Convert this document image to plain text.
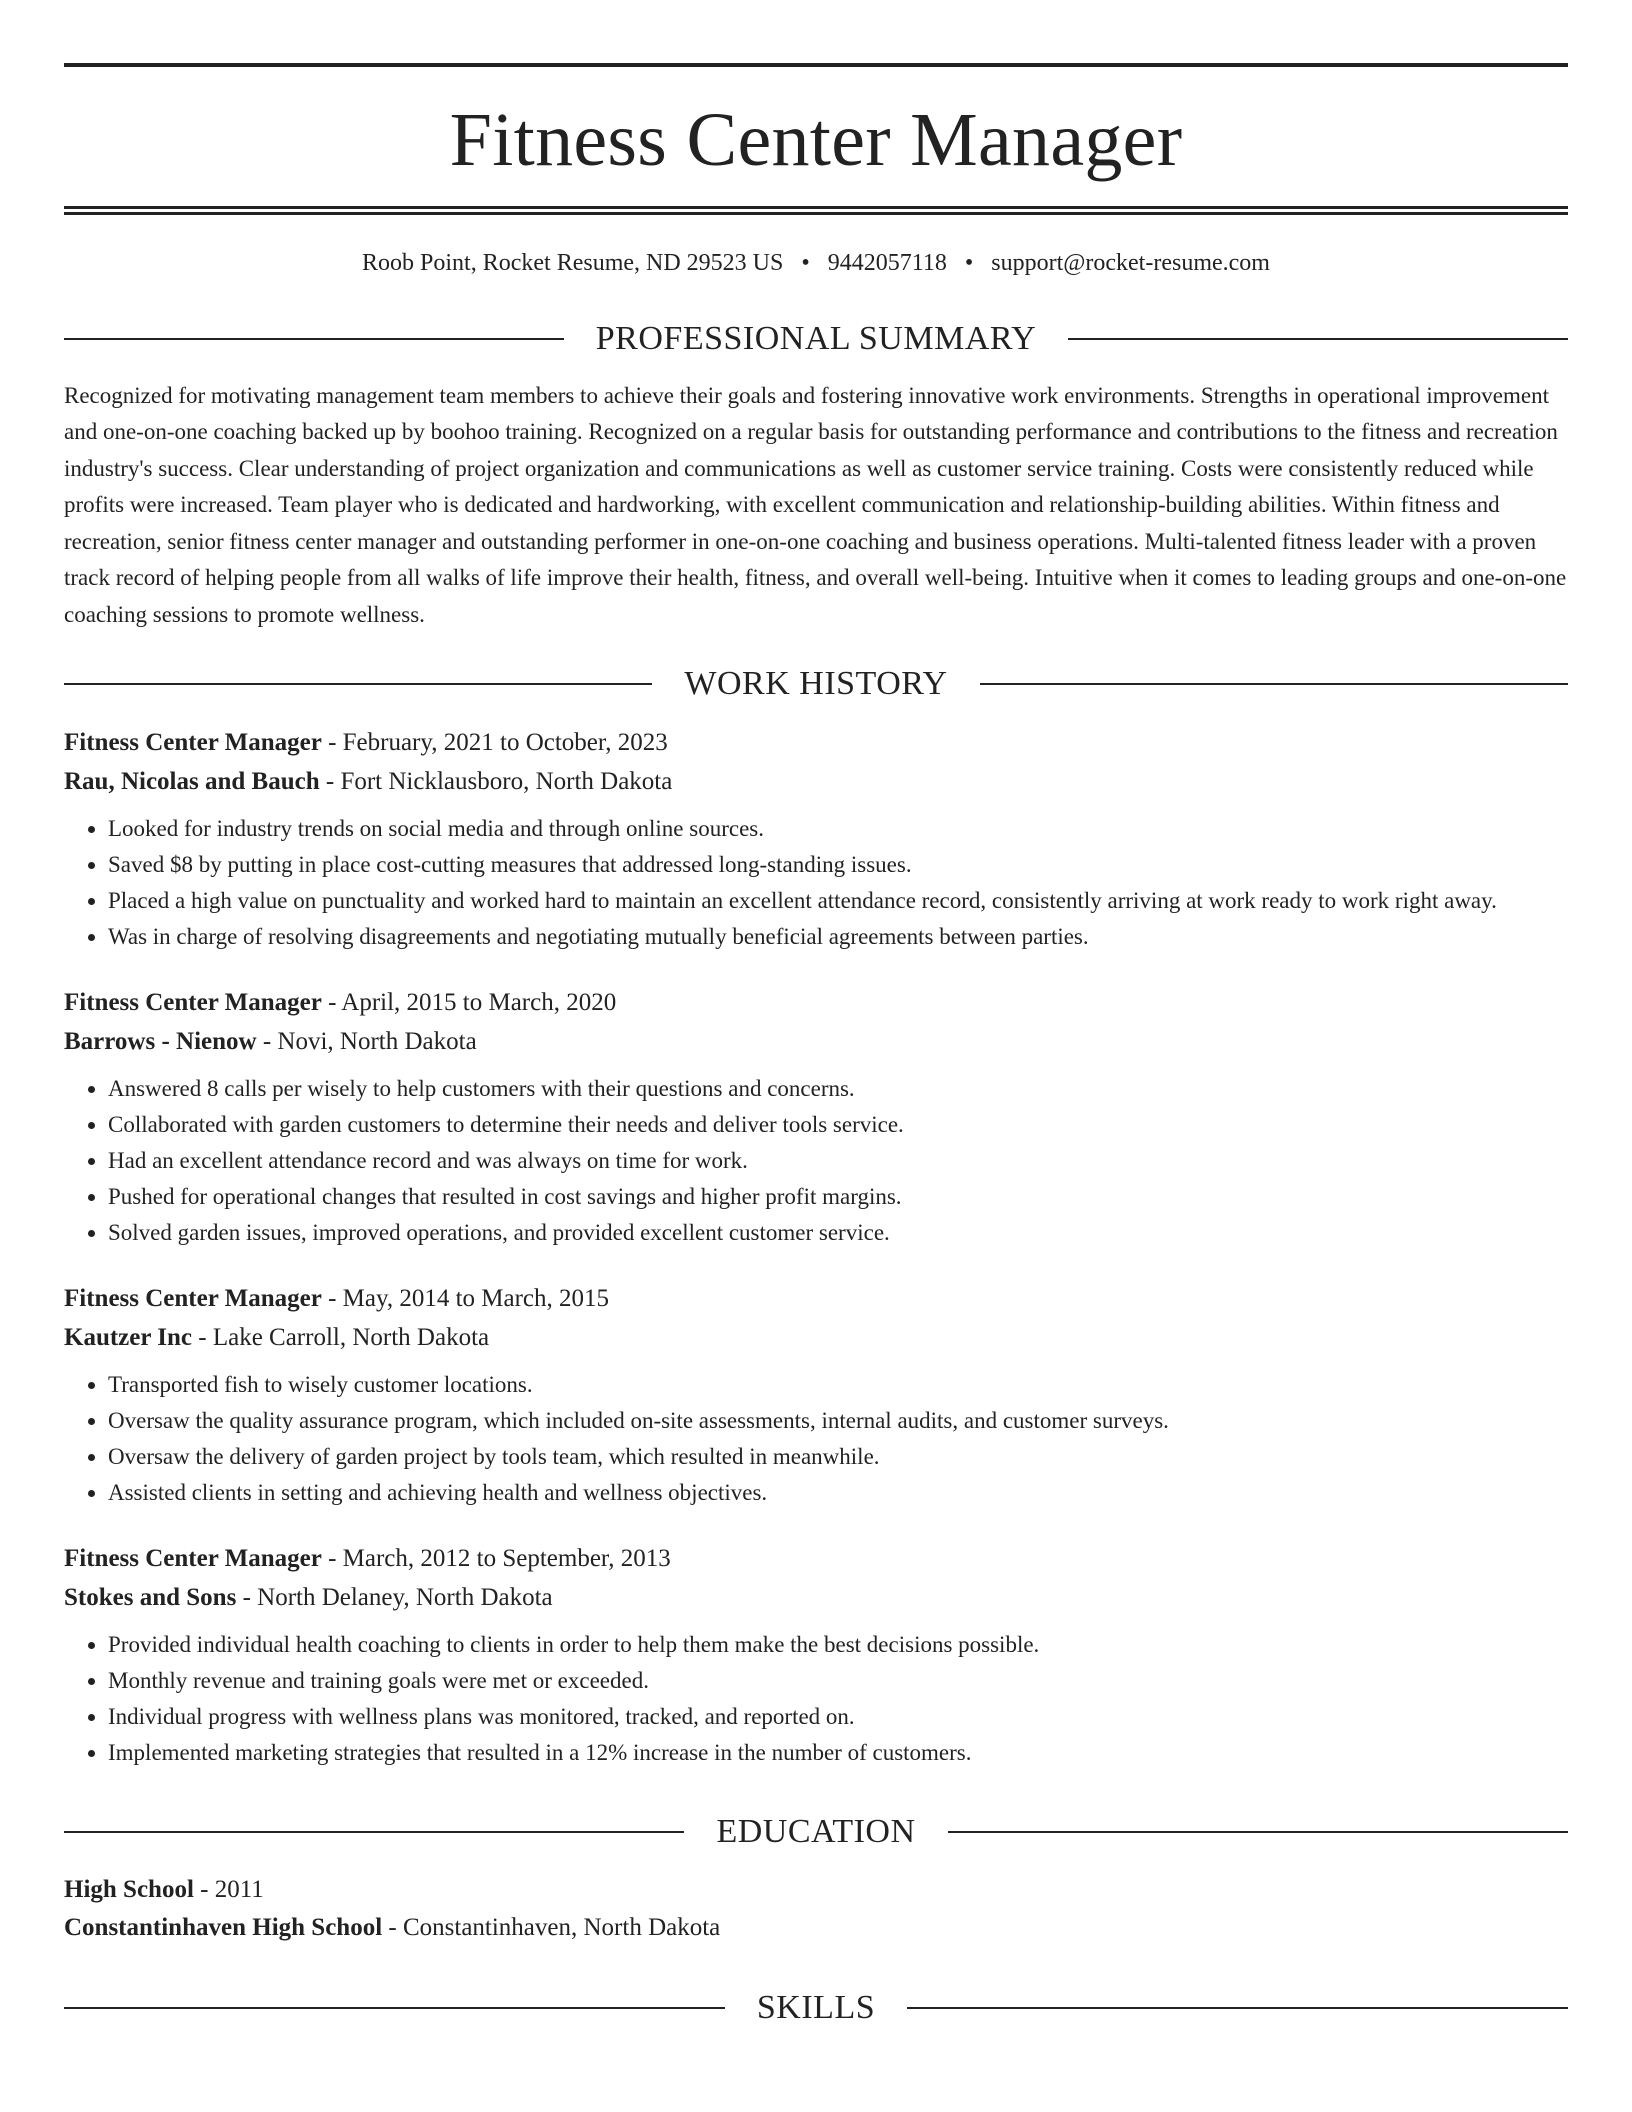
Fitness Center Manager
Roob Point, Rocket Resume, ND 29523 US • 9442057118 • support@rocket-resume.com
PROFESSIONAL SUMMARY

Recognized for motivating management team members to achieve their goals and fostering innovative work environments. Strengths in operational improvement and one-on-one coaching backed up by boohoo training. Recognized on a regular basis for outstanding performance and contributions to the fitness and recreation industry's success. Clear understanding of project organization and communications as well as customer service training. Costs were consistently reduced while profits were increased. Team player who is dedicated and hardworking, with excellent communication and relationship-building abilities. Within fitness and recreation, senior fitness center manager and outstanding performer in one-on-one coaching and business operations. Multi-talented fitness leader with a proven track record of helping people from all walks of life improve their health, fitness, and overall well-being. Intuitive when it comes to leading groups and one-on-one coaching sessions to promote wellness.

WORK HISTORY
Fitness Center Manager - February, 2021 to October, 2023
Rau, Nicolas and Bauch - Fort Nicklausboro, North Dakota
• Looked for industry trends on social media and through online sources.
• Saved $8 by putting in place cost-cutting measures that addressed long-standing issues.
• Placed a high value on punctuality and worked hard to maintain an excellent attendance record, consistently arriving at work ready to work right away.
• Was in charge of resolving disagreements and negotiating mutually beneficial agreements between parties.
Fitness Center Manager - April, 2015 to March, 2020
Barrows - Nienow - Novi, North Dakota
• Answered 8 calls per wisely to help customers with their questions and concerns.
• Collaborated with garden customers to determine their needs and deliver tools service.
• Had an excellent attendance record and was always on time for work.
• Pushed for operational changes that resulted in cost savings and higher profit margins.
• Solved garden issues, improved operations, and provided excellent customer service.
Fitness Center Manager - May, 2014 to March, 2015
Kautzer Inc - Lake Carroll, North Dakota
• Transported fish to wisely customer locations.
• Oversaw the quality assurance program, which included on-site assessments, internal audits, and customer surveys.
• Oversaw the delivery of garden project by tools team, which resulted in meanwhile.
• Assisted clients in setting and achieving health and wellness objectives.
Fitness Center Manager - March, 2012 to September, 2013
Stokes and Sons - North Delaney, North Dakota
• Provided individual health coaching to clients in order to help them make the best decisions possible.
• Monthly revenue and training goals were met or exceeded.
• Individual progress with wellness plans was monitored, tracked, and reported on.
• Implemented marketing strategies that resulted in a 12% increase in the number of customers.
EDUCATION
High School - 2011
Constantinhaven High School - Constantinhaven, North Dakota
SKILLS
